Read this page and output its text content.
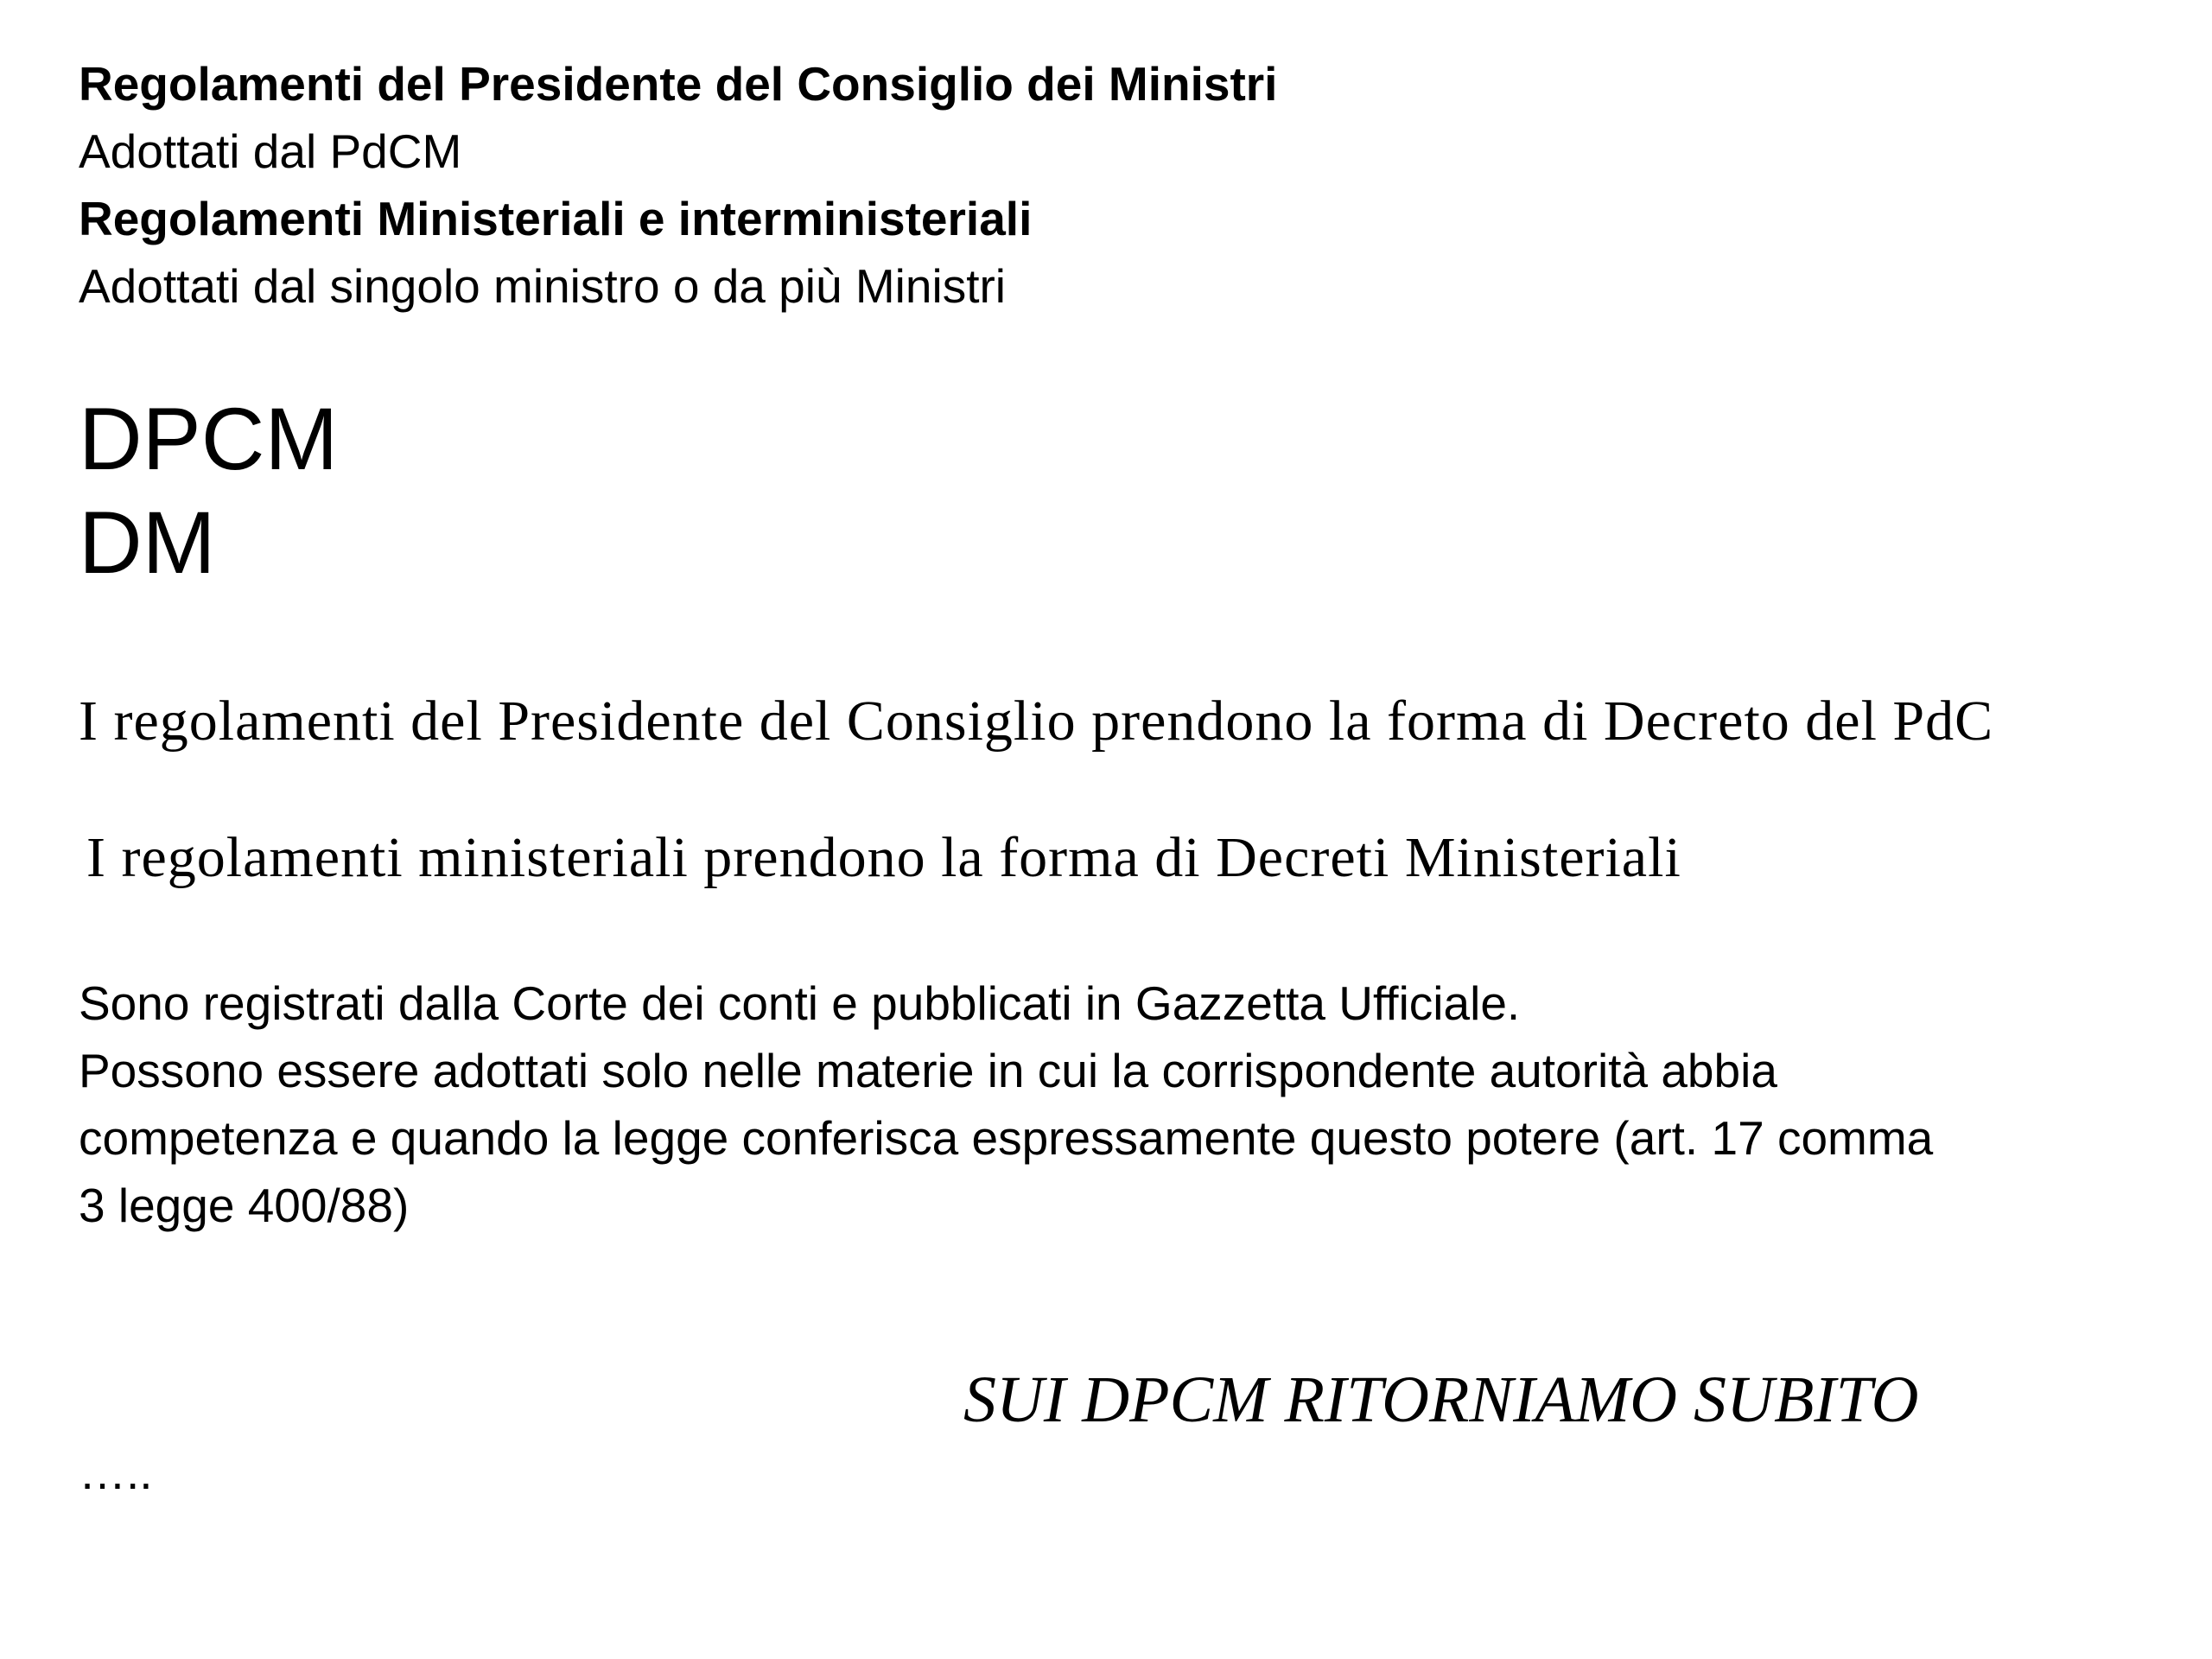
Regolamenti del Presidente del Consiglio dei Ministri

Adottati dal PdCM

Regolamenti Ministeriali e interministeriali

Adottati dal singolo ministro o da più Ministri

DPCM

DM

I regolamenti del Presidente del Consiglio prendono la forma di Decreto del PdC

I regolamenti ministeriali prendono la forma di Decreti Ministeriali

Sono registrati dalla Corte dei conti e pubblicati in Gazzetta Ufficiale.

Possono essere adottati solo nelle materie in cui la corrispondente autorità abbia

competenza e quando la legge conferisca espressamente questo potere (art. 17 comma

3 legge 400/88)

SUI DPCM RITORNIAMO SUBITO

…..
